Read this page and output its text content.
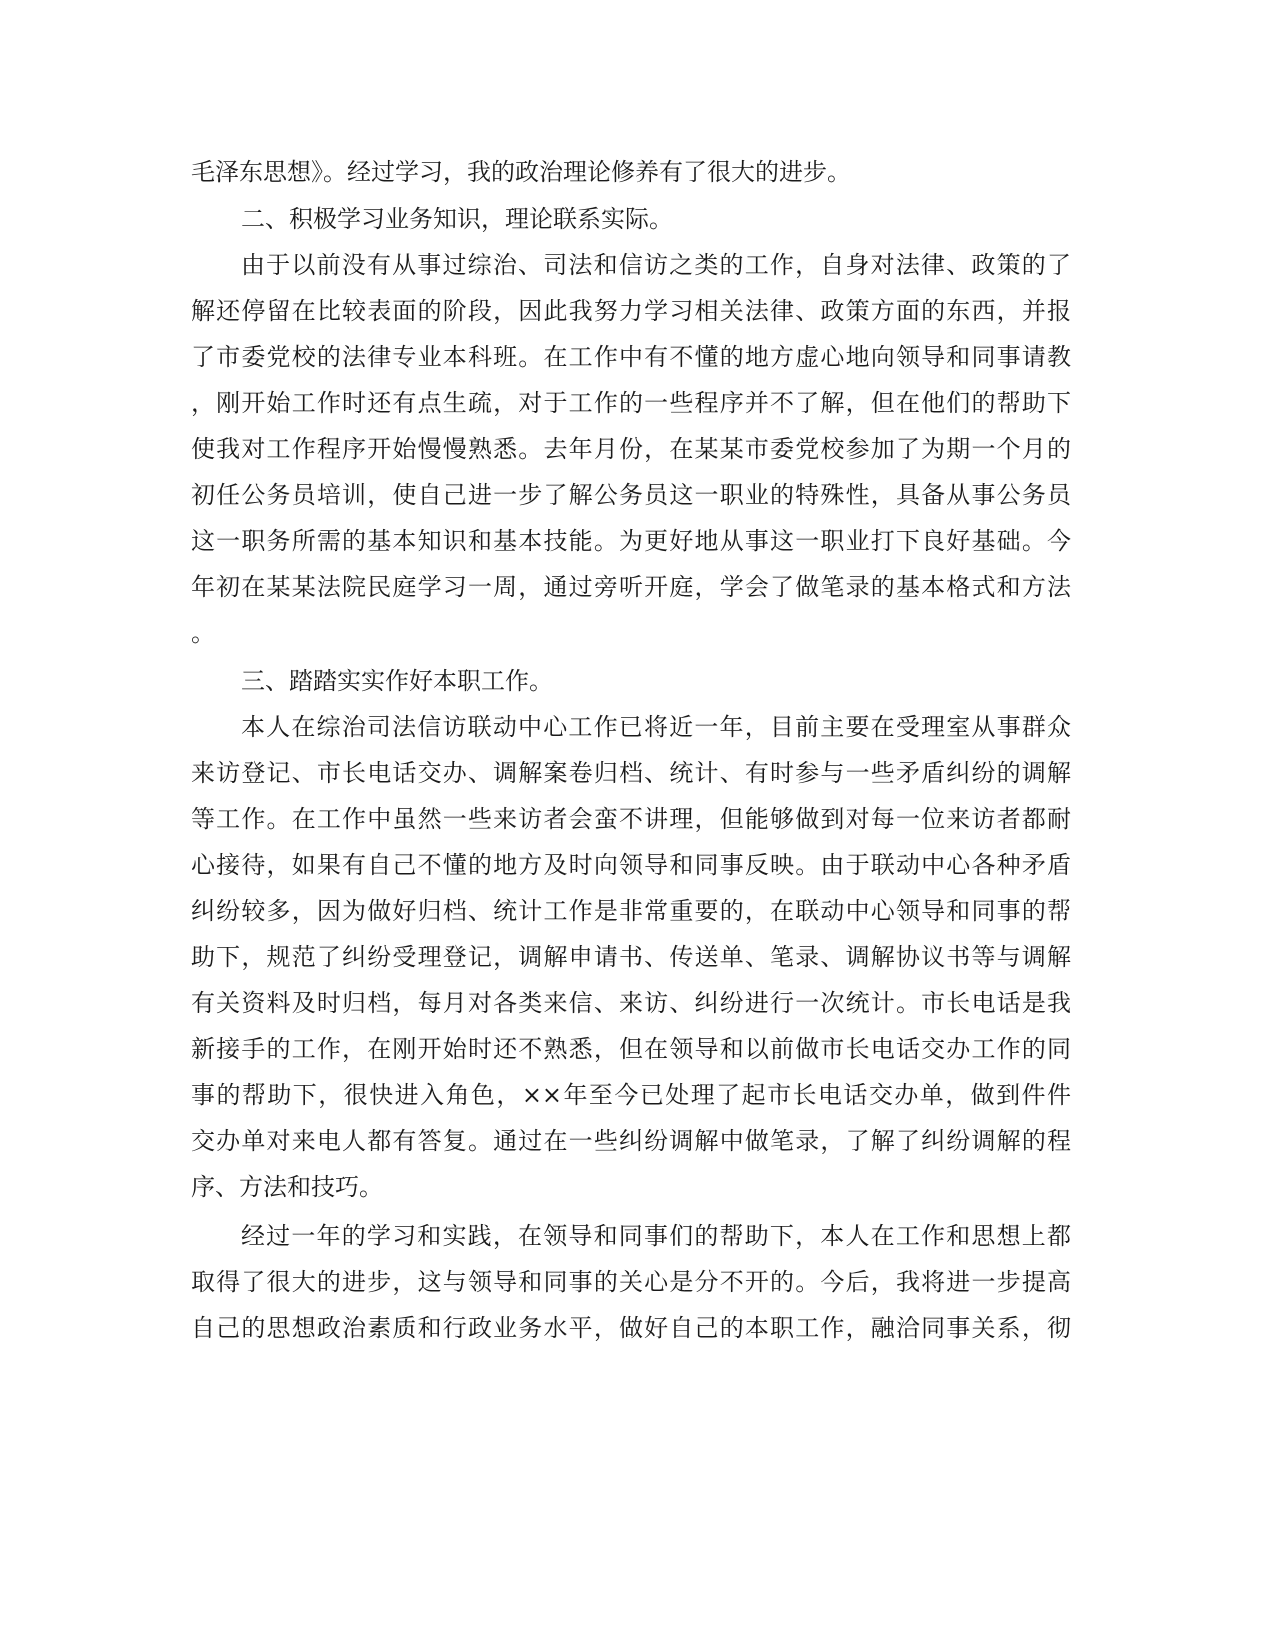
毛泽东思想》。经过学习，我的政治理论修养有了很大的进步。

二、积极学习业务知识，理论联系实际。

由于以前没有从事过综治、司法和信访之类的工作，自身对法律、政策的了

解还停留在比较表面的阶段，因此我努力学习相关法律、政策方面的东西，并报

了市委党校的法律专业本科班。在工作中有不懂的地方虚心地向领导和同事请教

，刚开始工作时还有点生疏，对于工作的一些程序并不了解，但在他们的帮助下

使我对工作程序开始慢慢熟悉。去年月份，在某某市委党校参加了为期一个月的

初任公务员培训，使自己进一步了解公务员这一职业的特殊性，具备从事公务员

这一职务所需的基本知识和基本技能。为更好地从事这一职业打下良好基础。今

年初在某某法院民庭学习一周，通过旁听开庭，学会了做笔录的基本格式和方法

。

三、踏踏实实作好本职工作。

本人在综治司法信访联动中心工作已将近一年，目前主要在受理室从事群众

来访登记、市长电话交办、调解案卷归档、统计、有时参与一些矛盾纠纷的调解

等工作。在工作中虽然一些来访者会蛮不讲理，但能够做到对每一位来访者都耐

心接待，如果有自己不懂的地方及时向领导和同事反映。由于联动中心各种矛盾

纠纷较多，因为做好归档、统计工作是非常重要的，在联动中心领导和同事的帮

助下，规范了纠纷受理登记，调解申请书、传送单、笔录、调解协议书等与调解

有关资料及时归档，每月对各类来信、来访、纠纷进行一次统计。市长电话是我

新接手的工作，在刚开始时还不熟悉，但在领导和以前做市长电话交办工作的同

事的帮助下，很快进入角色，××年至今已处理了起市长电话交办单，做到件件

交办单对来电人都有答复。通过在一些纠纷调解中做笔录，了解了纠纷调解的程

序、方法和技巧。

经过一年的学习和实践，在领导和同事们的帮助下，本人在工作和思想上都

取得了很大的进步，这与领导和同事的关心是分不开的。今后，我将进一步提高

自己的思想政治素质和行政业务水平，做好自己的本职工作，融洽同事关系，彻
